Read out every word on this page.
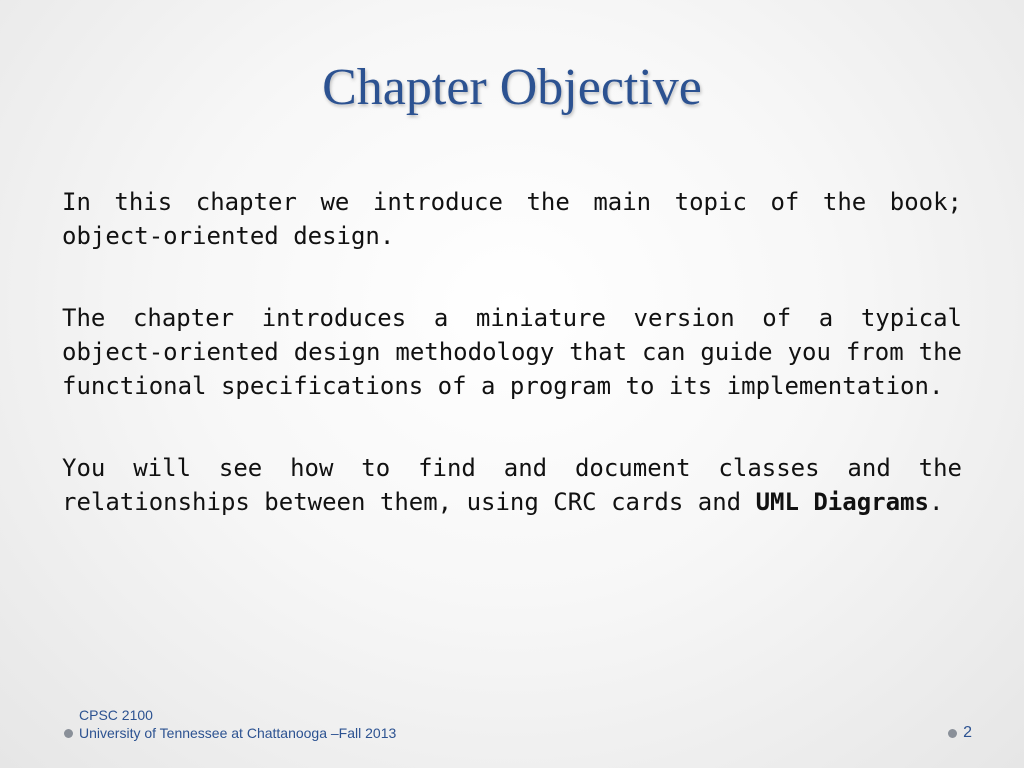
Chapter Objective

In this chapter we introduce the main topic of the book; object-oriented design.

The chapter introduces a miniature version of a typical object-oriented design methodology that can guide you from the functional specifications of a program to its implementation.

You will see how to find and document classes and the relationships between them, using CRC cards and UML Diagrams.

CPSC 2100
University of Tennessee at Chattanooga –Fall 2013	2
